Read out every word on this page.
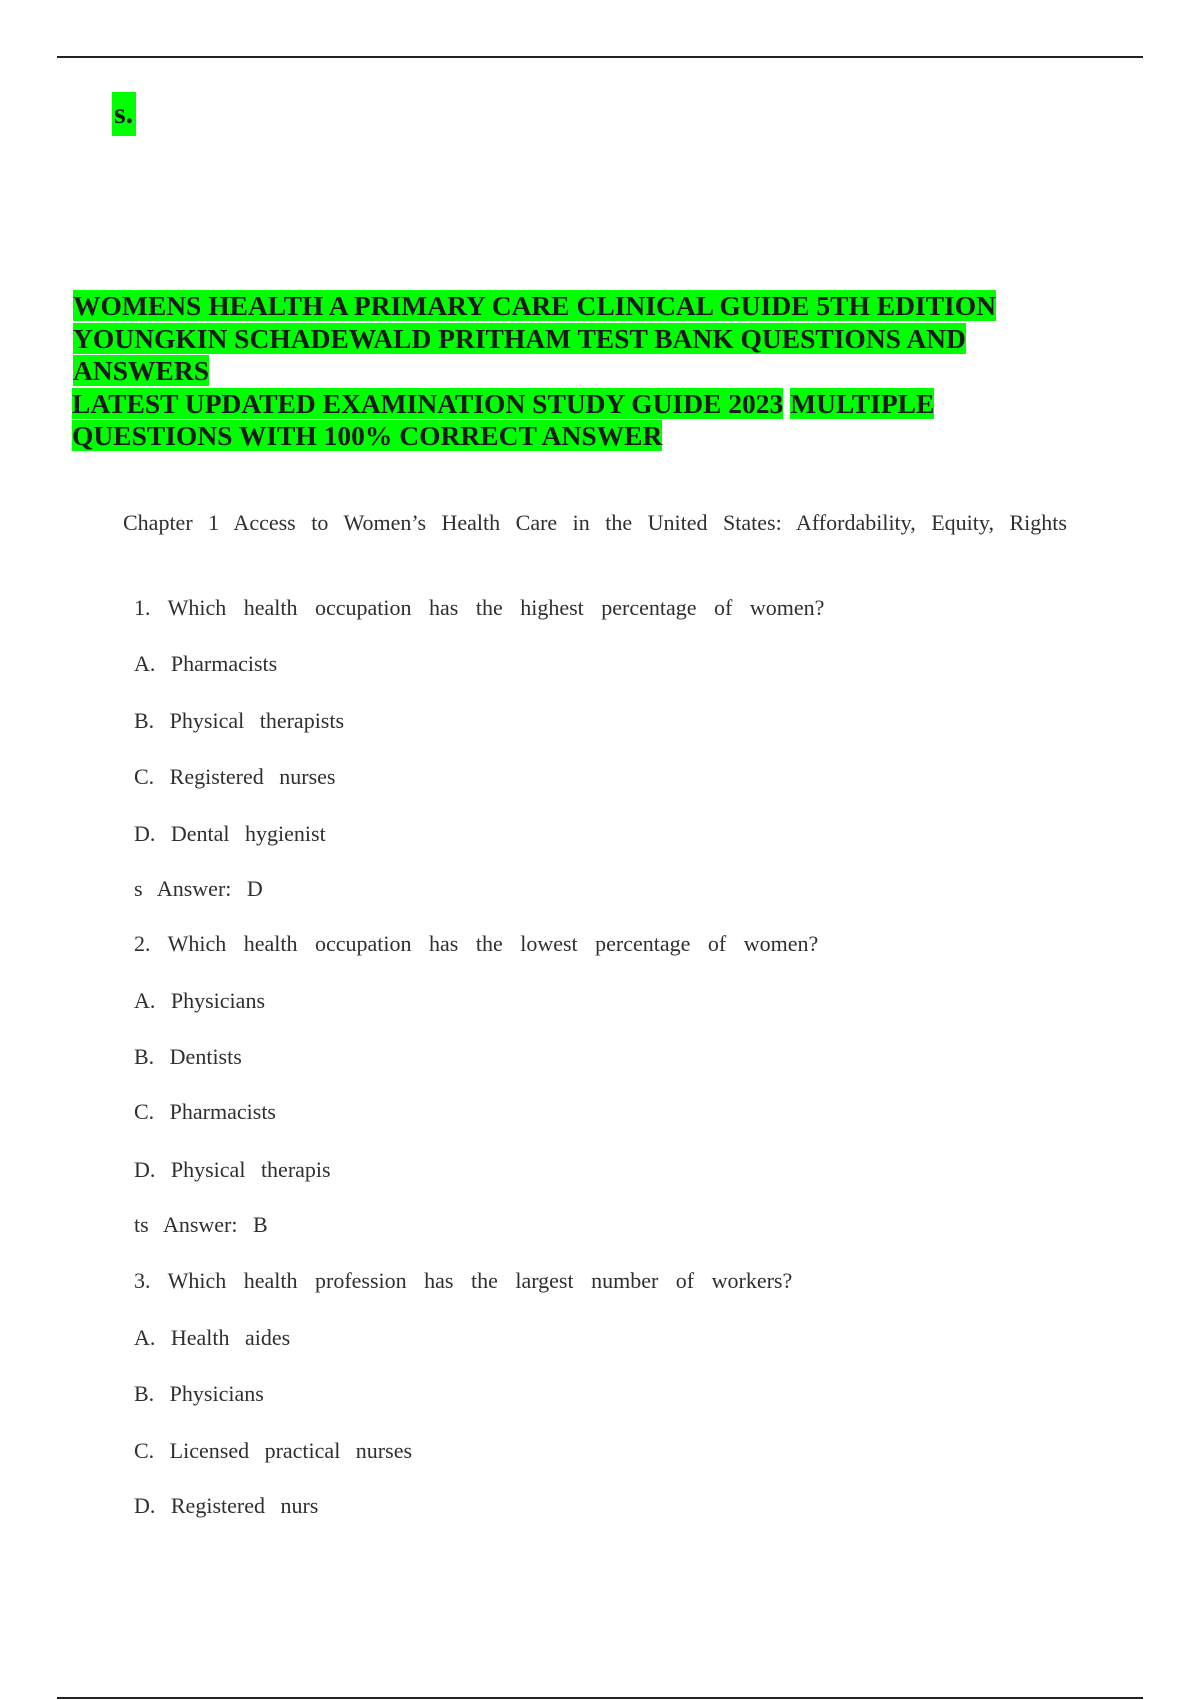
s.
WOMENS HEALTH A PRIMARY CARE CLINICAL GUIDE 5TH EDITION
YOUNGKIN SCHADEWALD PRITHAM TEST BANK QUESTIONS AND
ANSWERS
LATEST UPDATED EXAMINATION STUDY GUIDE 2023 MULTIPLE
QUESTIONS WITH 100% CORRECT ANSWER
Chapter 1 Access to Women’s Health Care in the United States: Affordability, Equity, Rights
1. Which health occupation has the highest percentage of women?
A. Pharmacists
B. Physical therapists
C. Registered nurses
D. Dental hygienist
s Answer: D
2. Which health occupation has the lowest percentage of women?
A. Physicians
B. Dentists
C. Pharmacists
D. Physical therapis
ts Answer: B
3. Which health profession has the largest number of workers?
A. Health aides
B. Physicians
C. Licensed practical nurses
D. Registered nurs
